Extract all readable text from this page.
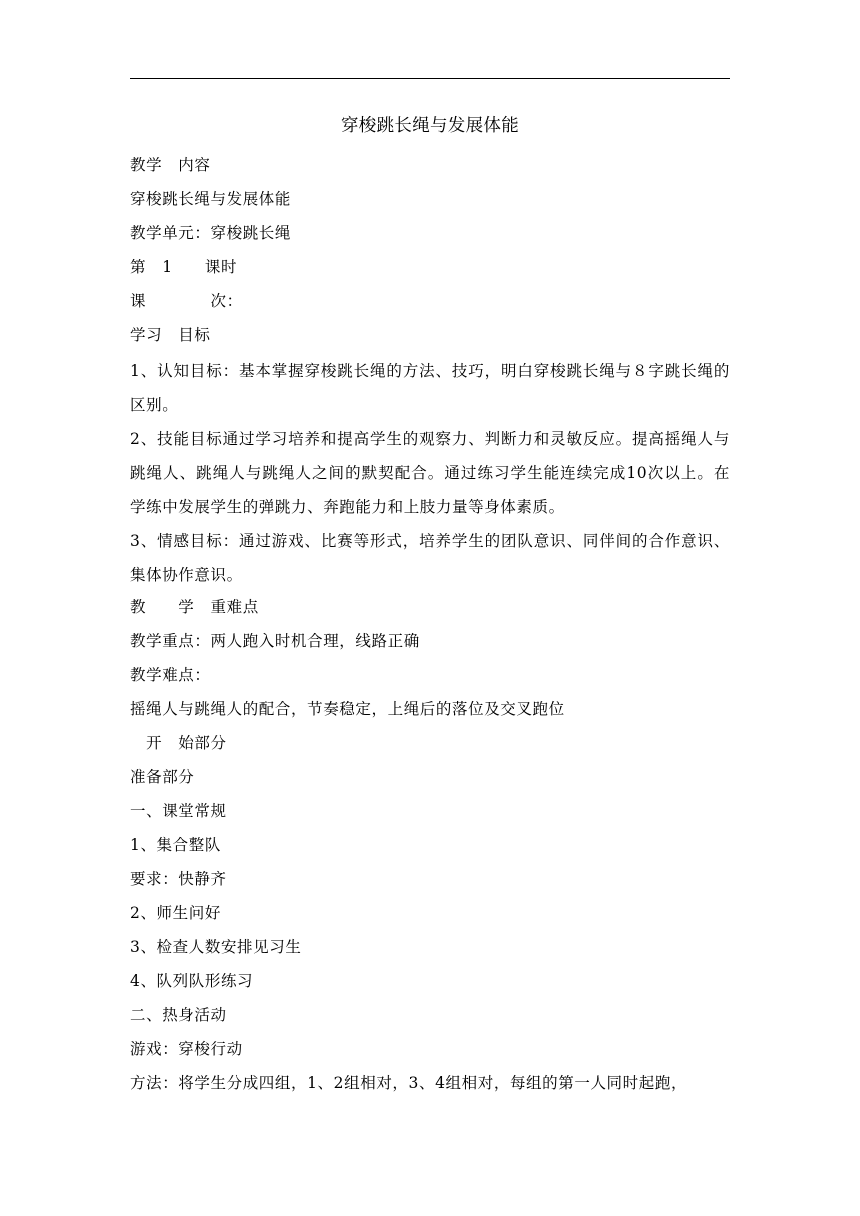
穿梭跳长绳与发展体能
教学　内容
穿梭跳长绳与发展体能
教学单元：穿梭跳长绳
第　1　　课时
课　　　　次：
学习　目标
1、认知目标：基本掌握穿梭跳长绳的方法、技巧，明白穿梭跳长绳与８字跳长绳的区别。
2、技能目标通过学习培养和提高学生的观察力、判断力和灵敏反应。提高摇绳人与跳绳人、跳绳人与跳绳人之间的默契配合。通过练习学生能连续完成10次以上。在学练中发展学生的弹跳力、奔跑能力和上肢力量等身体素质。
3、情感目标：通过游戏、比赛等形式，培养学生的团队意识、同伴间的合作意识、集体协作意识。
教　　学　重难点
教学重点：两人跑入时机合理，线路正确
教学难点：
摇绳人与跳绳人的配合，节奏稳定，上绳后的落位及交叉跑位
　开　始部分
准备部分
一、课堂常规
1、集合整队
要求：快静齐
2、师生问好
3、检查人数安排见习生
4、队列队形练习
二、热身活动
游戏：穿梭行动
方法：将学生分成四组，1、2组相对，3、4组相对，每组的第一人同时起跑，
